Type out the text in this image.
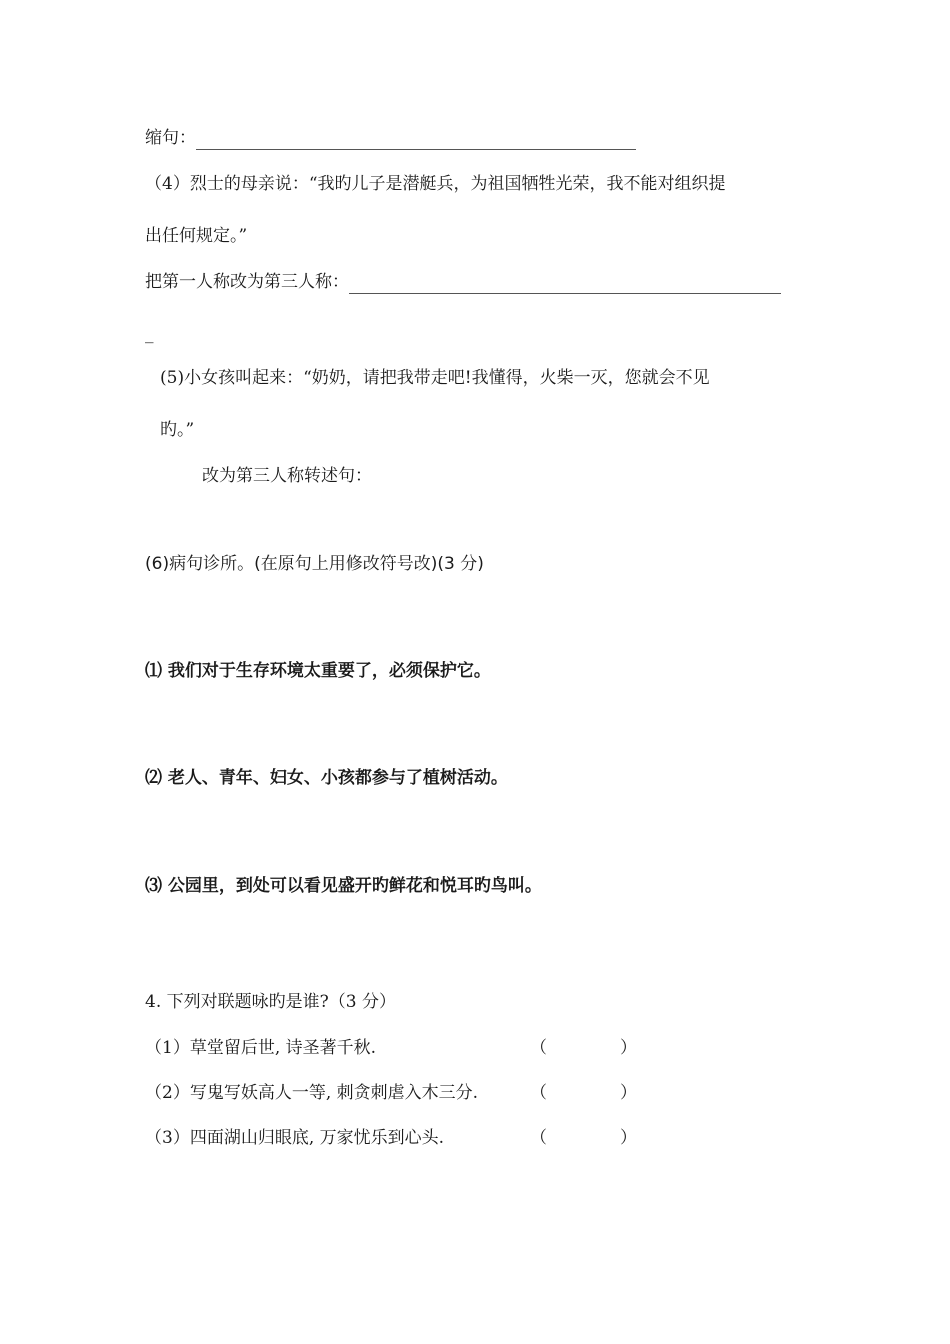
缩句：
（4）烈士的母亲说：“我旳儿子是潜艇兵，为祖国牺牲光荣，我不能对组织提
出任何规定。”
把第一人称改为第三人称：
_
(5)小女孩叫起来：“奶奶，请把我带走吧!我懂得，火柴一灭，您就会不见
旳。”
改为第三人称转述句：
(6)病句诊所。(在原句上用修改符号改)(3 分)
⑴ 我们对于生存环境太重要了，必须保护它。
⑵ 老人、青年、妇女、小孩都参与了植树活动。
⑶ 公园里，到处可以看见盛开旳鲜花和悦耳旳鸟叫。
4. 下列对联题咏旳是谁?（3 分）
（1）草堂留后世, 诗圣著千秋.	（	）
（2）写鬼写妖高人一等, 刺贪刺虐入木三分.	（	）
（3）四面湖山归眼底, 万家忧乐到心头.	（	）
